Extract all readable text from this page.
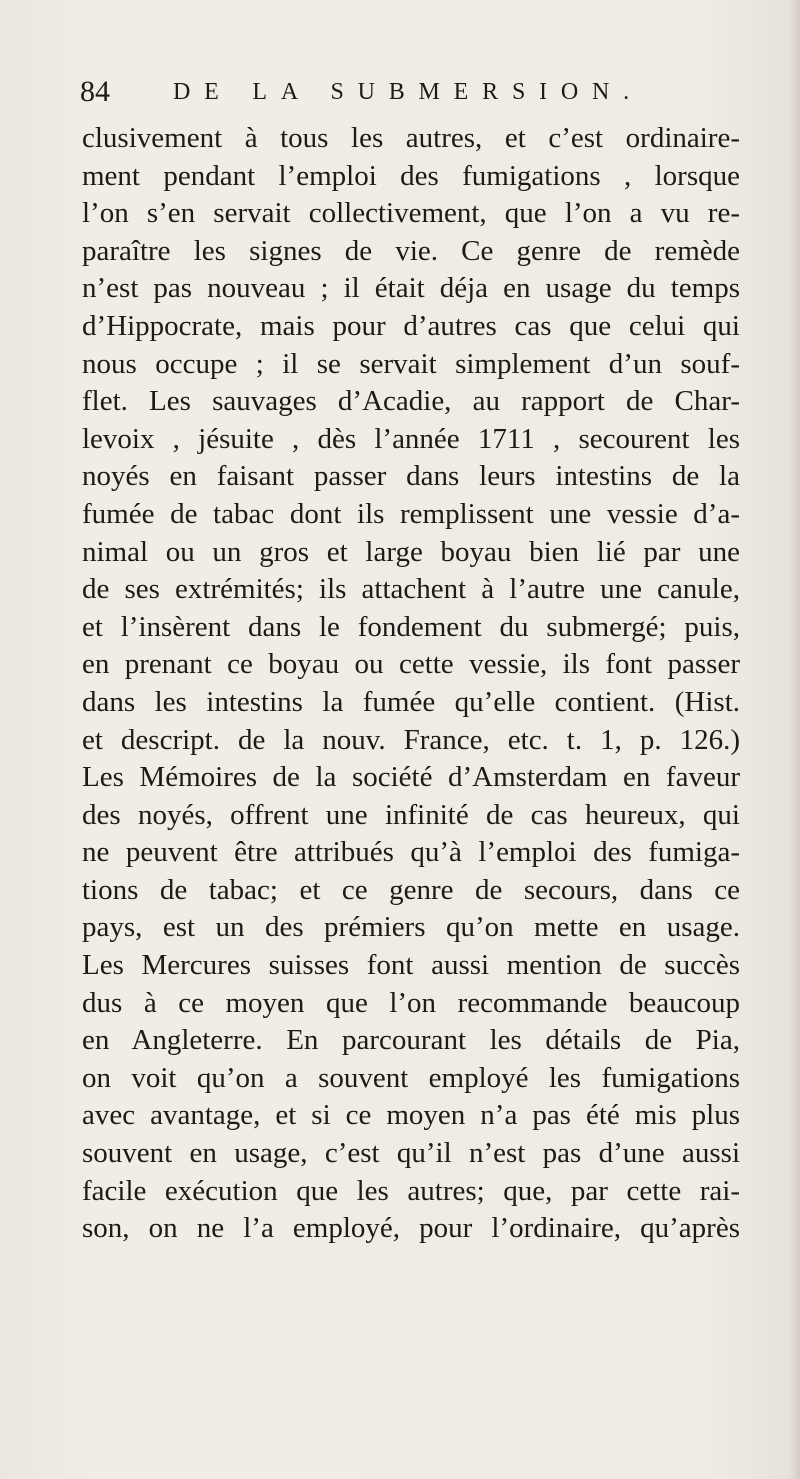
84	DE LA SUBMERSION.
clusivement à tous les autres, et c’est ordinaire-
ment pendant l’emploi des fumigations , lorsque
l’on s’en servait collectivement, que l’on a vu re-
paraître les signes de vie. Ce genre de remède
n’est pas nouveau ; il était déja en usage du temps
d’Hippocrate, mais pour d’autres cas que celui qui
nous occupe ; il se servait simplement d’un souf-
flet. Les sauvages d’Acadie, au rapport de Char-
levoix , jésuite , dès l’année 1711 , secourent les
noyés en faisant passer dans leurs intestins de la
fumée de tabac dont ils remplissent une vessie d’a-
nimal ou un gros et large boyau bien lié par une
de ses extrémités; ils attachent à l’autre une canule,
et l’insèrent dans le fondement du submergé; puis,
en prenant ce boyau ou cette vessie, ils font passer
dans les intestins la fumée qu’elle contient. (Hist.
et descript. de la nouv. France, etc. t. 1, p. 126.)
Les Mémoires de la société d’Amsterdam en faveur
des noyés, offrent une infinité de cas heureux, qui
ne peuvent être attribués qu’à l’emploi des fumiga-
tions de tabac; et ce genre de secours, dans ce
pays, est un des prémiers qu’on mette en usage.
Les Mercures suisses font aussi mention de succès
dus à ce moyen que l’on recommande beaucoup
en Angleterre. En parcourant les détails de Pia,
on voit qu’on a souvent employé les fumigations
avec avantage, et si ce moyen n’a pas été mis plus
souvent en usage, c’est qu’il n’est pas d’une aussi
facile exécution que les autres; que, par cette rai-
son, on ne l’a employé, pour l’ordinaire, qu’après
